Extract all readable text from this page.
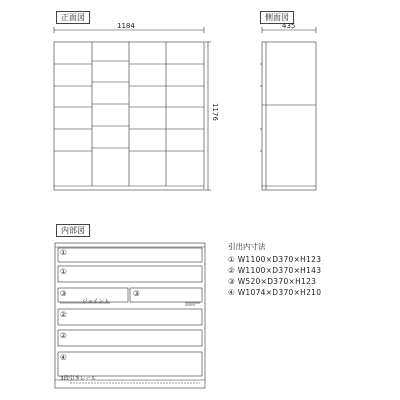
正面図	側面図
内部図
1184	435
1176
①
①
③	③
②
②
④
ジョイント
3段引きレール
引出内寸法
① W1100×D370×H123
② W1100×D370×H143
③ W520×D370×H123
④ W1074×D370×H210
